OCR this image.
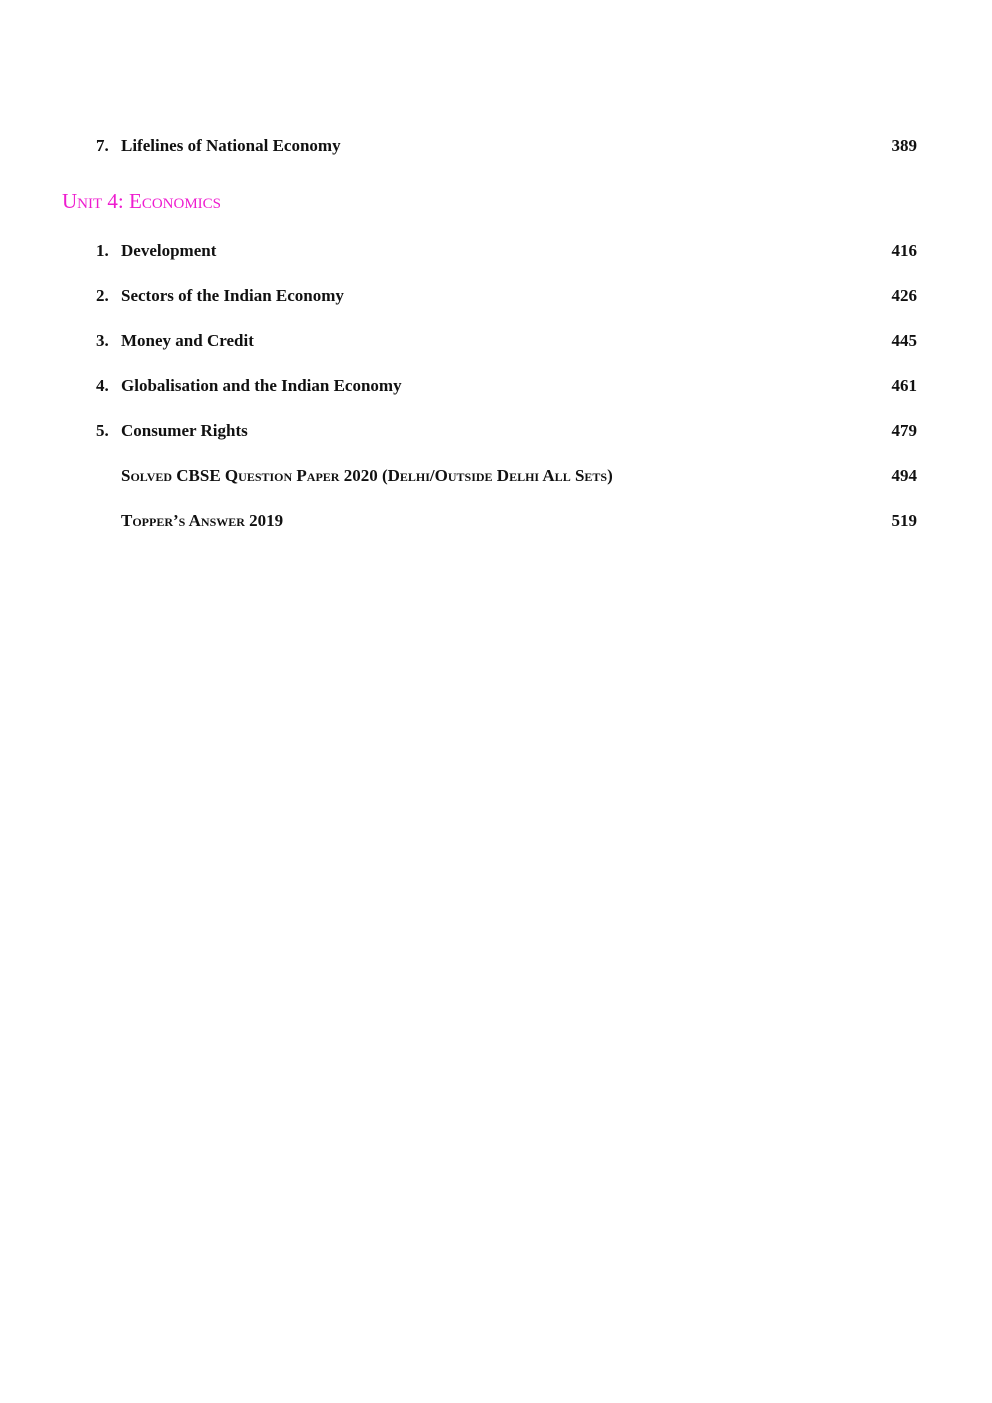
7. Lifelines of National Economy	389
Unit 4: Economics
1. Development	416
2. Sectors of the Indian Economy	426
3. Money and Credit	445
4. Globalisation and the Indian Economy	461
5. Consumer Rights	479
Solved CBSE Question Paper 2020 (Delhi/Outside Delhi All Sets)	494
Topper’s Answer 2019	519
